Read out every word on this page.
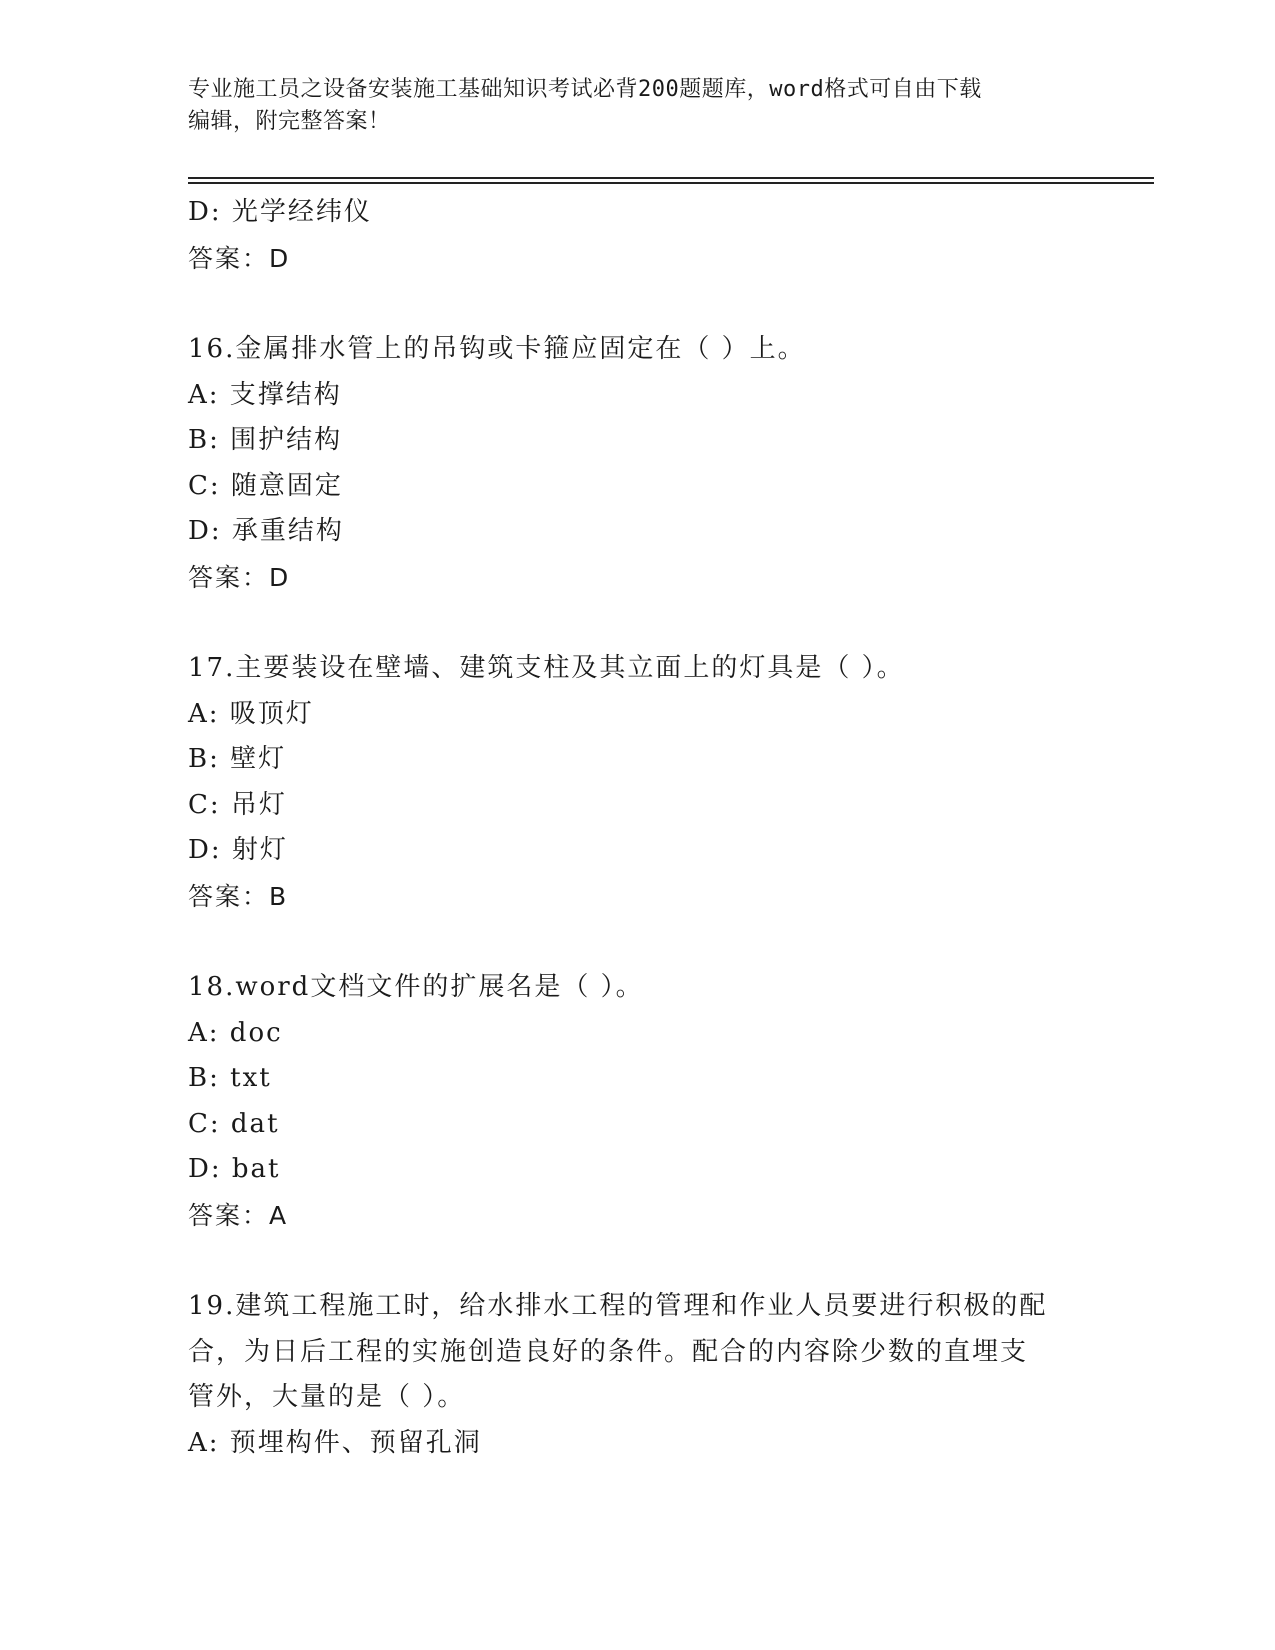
专业施工员之设备安装施工基础知识考试必背200题题库，word格式可自由下载
编辑，附完整答案！
D: 光学经纬仪
答案：D
16.金属排水管上的吊钩或卡箍应固定在（ ）上。
A: 支撑结构
B: 围护结构
C: 随意固定
D: 承重结构
答案：D
17.主要装设在壁墙、建筑支柱及其立面上的灯具是（ ）。
A: 吸顶灯
B: 壁灯
C: 吊灯
D: 射灯
答案：B
18.word文档文件的扩展名是（ ）。
A: doc
B: txt
C: dat
D: bat
答案：A
19.建筑工程施工时，给水排水工程的管理和作业人员要进行积极的配
合，为日后工程的实施创造良好的条件。配合的内容除少数的直埋支
管外，大量的是（ ）。
A: 预埋构件、预留孔洞
